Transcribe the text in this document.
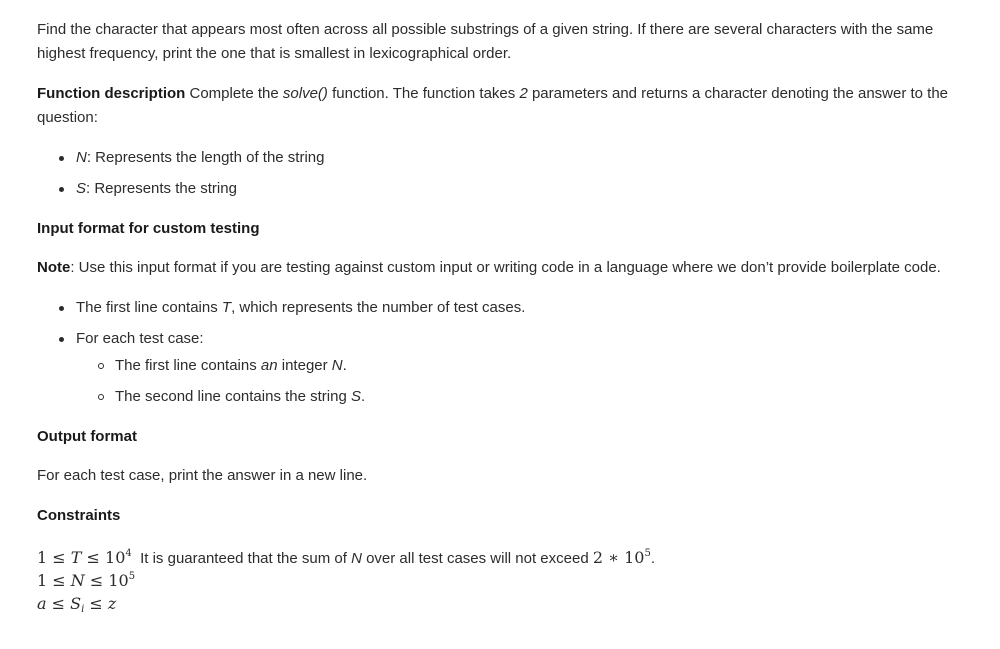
Find the character that appears most often across all possible substrings of a given string. If there are several characters with the same highest frequency, print the one that is smallest in lexicographical order.

Function description Complete the solve() function. The function takes 2 parameters and returns a character denoting the answer to the question:

N: Represents the length of the string
S: Represents the string

Input format for custom testing

Note: Use this input format if you are testing against custom input or writing code in a language where we don’t provide boilerplate code.

The first line contains T, which represents the number of test cases.
For each test case:
The first line contains an integer N.
The second line contains the string S.

Output format

For each test case, print the answer in a new line.

Constraints

$1 \le T \le 10^4$ It is guaranteed that the sum of N over all test cases will not exceed 2 ∗ $10^5$.

$1 \le N \le 10^5$

$a \le S_i \le z$
